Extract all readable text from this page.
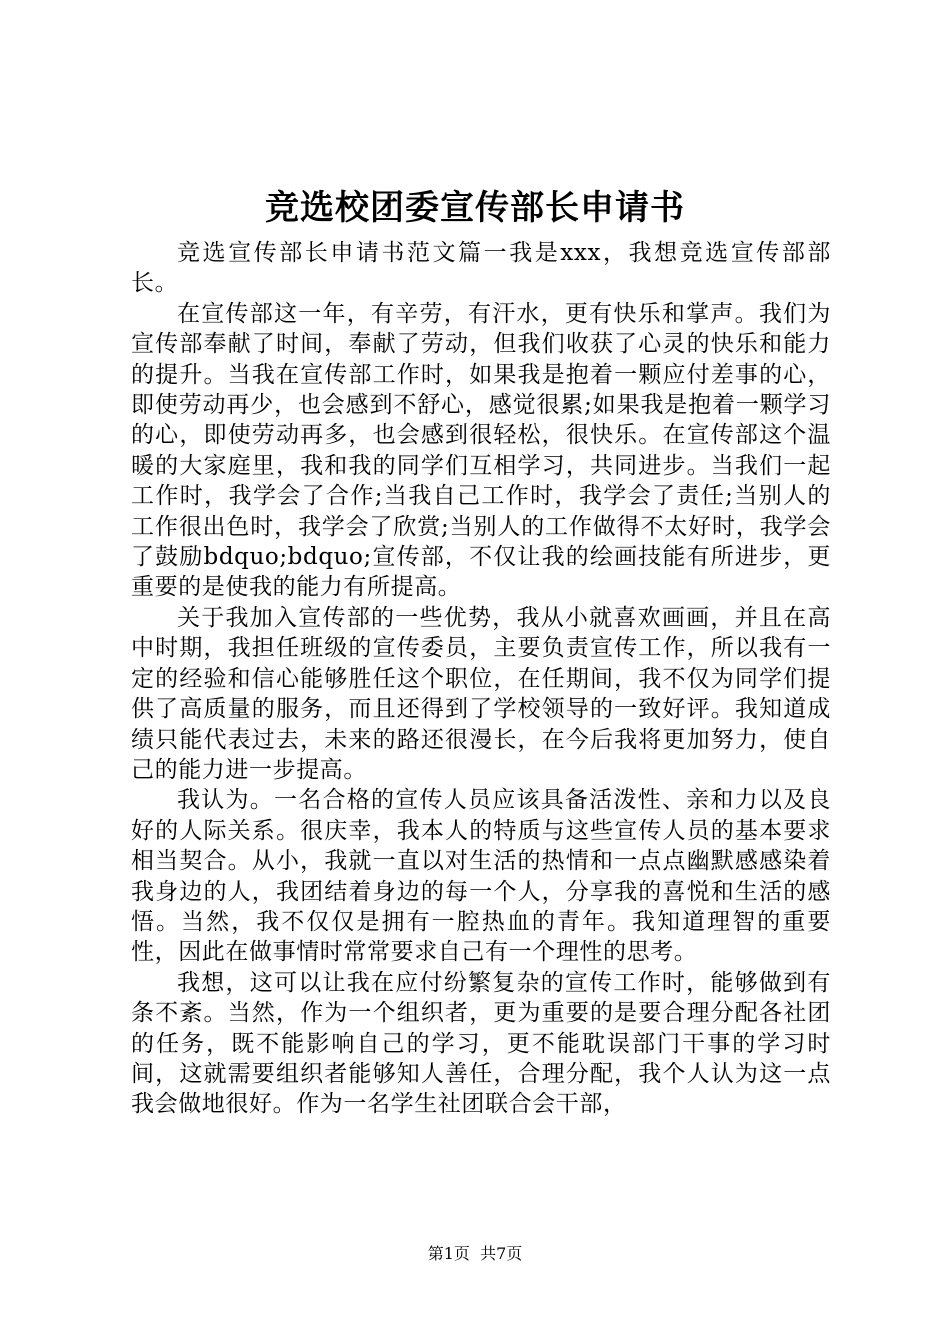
竞选校团委宣传部长申请书

竞选宣传部长申请书范文篇一我是xxx，我想竞选宣传部部长。

在宣传部这一年，有辛劳，有汗水，更有快乐和掌声。我们为宣传部奉献了时间，奉献了劳动，但我们收获了心灵的快乐和能力的提升。当我在宣传部工作时，如果我是抱着一颗应付差事的心，即使劳动再少，也会感到不舒心，感觉很累;如果我是抱着一颗学习的心，即使劳动再多，也会感到很轻松，很快乐。在宣传部这个温暖的大家庭里，我和我的同学们互相学习，共同进步。当我们一起工作时，我学会了合作;当我自己工作时，我学会了责任;当别人的工作很出色时，我学会了欣赏;当别人的工作做得不太好时，我学会了鼓励bdquo;bdquo;宣传部，不仅让我的绘画技能有所进步，更重要的是使我的能力有所提高。

关于我加入宣传部的一些优势，我从小就喜欢画画，并且在高中时期，我担任班级的宣传委员，主要负责宣传工作，所以我有一定的经验和信心能够胜任这个职位，在任期间，我不仅为同学们提供了高质量的服务，而且还得到了学校领导的一致好评。我知道成绩只能代表过去，未来的路还很漫长，在今后我将更加努力，使自己的能力进一步提高。

我认为。一名合格的宣传人员应该具备活泼性、亲和力以及良好的人际关系。很庆幸，我本人的特质与这些宣传人员的基本要求相当契合。从小，我就一直以对生活的热情和一点点幽默感感染着我身边的人，我团结着身边的每一个人，分享我的喜悦和生活的感悟。当然，我不仅仅是拥有一腔热血的青年。我知道理智的重要性，因此在做事情时常常要求自己有一个理性的思考。

我想，这可以让我在应付纷繁复杂的宣传工作时，能够做到有条不紊。当然，作为一个组织者，更为重要的是要合理分配各社团的任务，既不能影响自己的学习，更不能耽误部门干事的学习时间，这就需要组织者能够知人善任，合理分配，我个人认为这一点我会做地很好。作为一名学生社团联合会干部，

第1页  共7页
